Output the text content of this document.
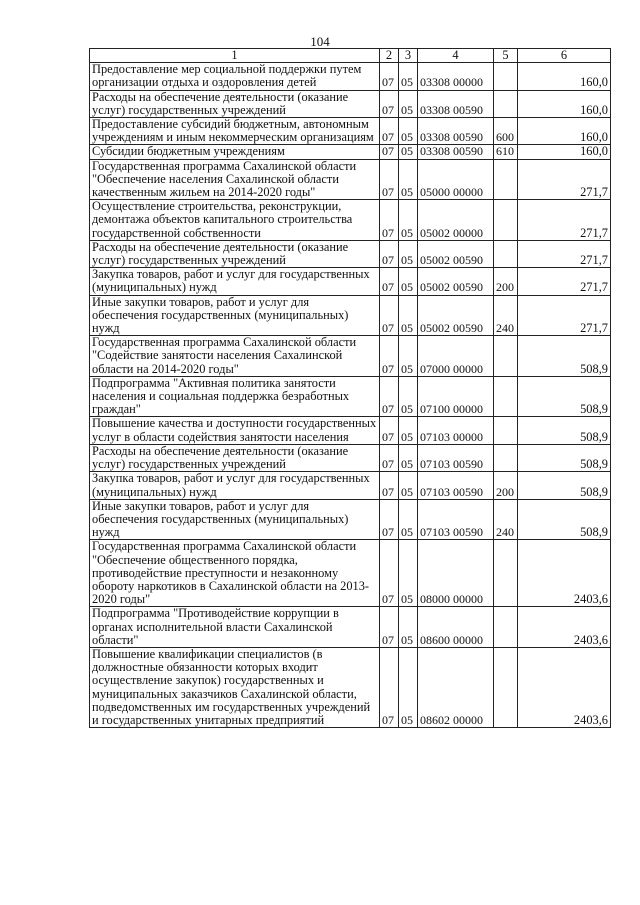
104
1	2	3	4	5	6
Предоставление мер социальной поддержки путем организации отдыха и оздоровления детей	07	05	03308 00000		160,0
Расходы на обеспечение деятельности (оказание услуг) государственных учреждений	07	05	03308 00590		160,0
Предоставление субсидий бюджетным, автономным учреждениям и иным некоммерческим организациям	07	05	03308 00590	600	160,0
Субсидии бюджетным учреждениям	07	05	03308 00590	610	160,0
Государственная программа Сахалинской области "Обеспечение населения Сахалинской области качественным жильем на 2014-2020 годы"	07	05	05000 00000		271,7
Осуществление строительства, реконструкции, демонтажа объектов капитального строительства государственной собственности	07	05	05002 00000		271,7
Расходы на обеспечение деятельности (оказание услуг) государственных учреждений	07	05	05002 00590		271,7
Закупка товаров, работ и услуг для государственных (муниципальных) нужд	07	05	05002 00590	200	271,7
Иные закупки товаров, работ и услуг для обеспечения государственных (муниципальных) нужд	07	05	05002 00590	240	271,7
Государственная программа Сахалинской области "Содействие занятости населения Сахалинской области на 2014-2020 годы"	07	05	07000 00000		508,9
Подпрограмма "Активная политика занятости населения и социальная поддержка безработных граждан"	07	05	07100 00000		508,9
Повышение качества и доступности государственных услуг в области содействия занятости населения	07	05	07103 00000		508,9
Расходы на обеспечение деятельности (оказание услуг) государственных учреждений	07	05	07103 00590		508,9
Закупка товаров, работ и услуг для государственных (муниципальных) нужд	07	05	07103 00590	200	508,9
Иные закупки товаров, работ и услуг для обеспечения государственных (муниципальных) нужд	07	05	07103 00590	240	508,9
Государственная программа Сахалинской области "Обеспечение общественного порядка, противодействие преступности и незаконному обороту наркотиков в Сахалинской области на 2013-2020 годы"	07	05	08000 00000		2403,6
Подпрограмма "Противодействие коррупции в органах исполнительной власти Сахалинской области"	07	05	08600 00000		2403,6
Повышение квалификации специалистов (в должностные обязанности которых входит осуществление закупок) государственных и муниципальных заказчиков Сахалинской области, подведомственных им государственных учреждений и государственных унитарных предприятий	07	05	08602 00000		2403,6
